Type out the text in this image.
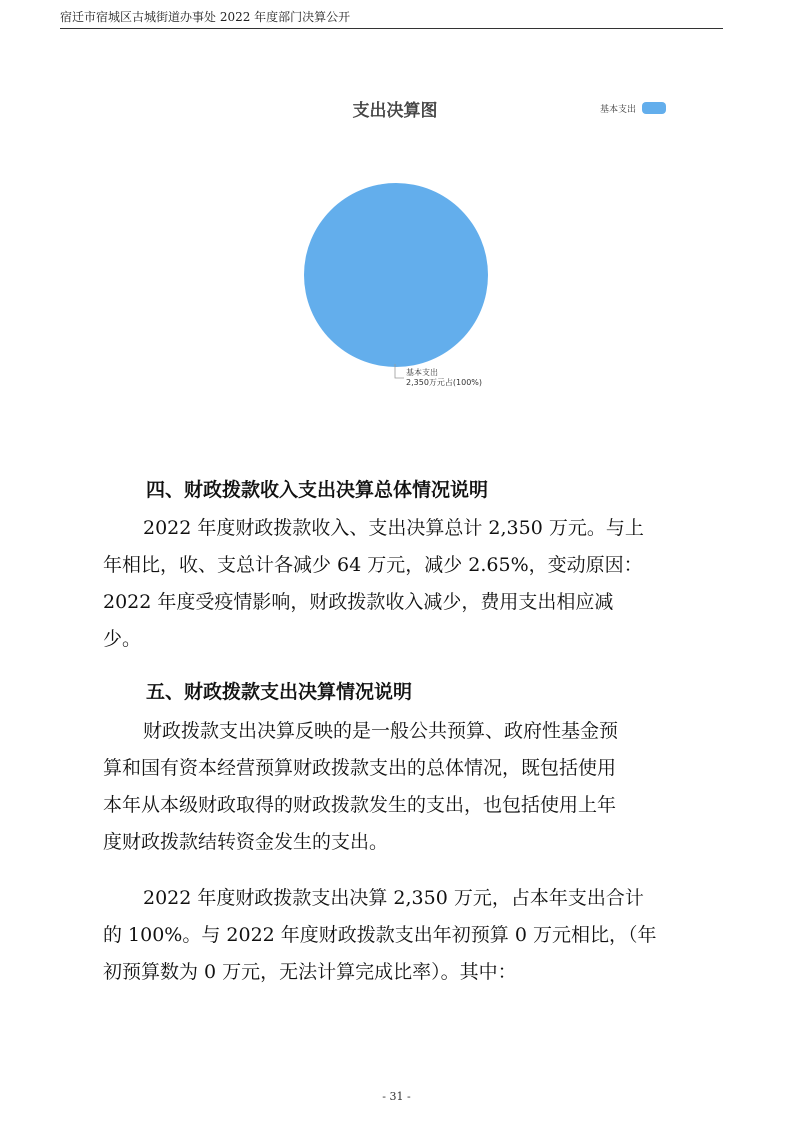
宿迁市宿城区古城街道办事处 2022 年度部门决算公开
支出决算图	基本支出
基本支出
2,350万元占(100%)
四、财政拨款收入支出决算总体情况说明
2022 年度财政拨款收入、支出决算总计 2,350 万元。与上
年相比，收、支总计各减少 64 万元，减少 2.65%，变动原因：
2022 年度受疫情影响，财政拨款收入减少，费用支出相应减
少。
五、财政拨款支出决算情况说明
财政拨款支出决算反映的是一般公共预算、政府性基金预
算和国有资本经营预算财政拨款支出的总体情况，既包括使用
本年从本级财政取得的财政拨款发生的支出，也包括使用上年
度财政拨款结转资金发生的支出。
2022 年度财政拨款支出决算 2,350 万元，占本年支出合计
的 100%。与 2022 年度财政拨款支出年初预算 0 万元相比，（年
初预算数为 0 万元，无法计算完成比率）。其中：
- 31 -
